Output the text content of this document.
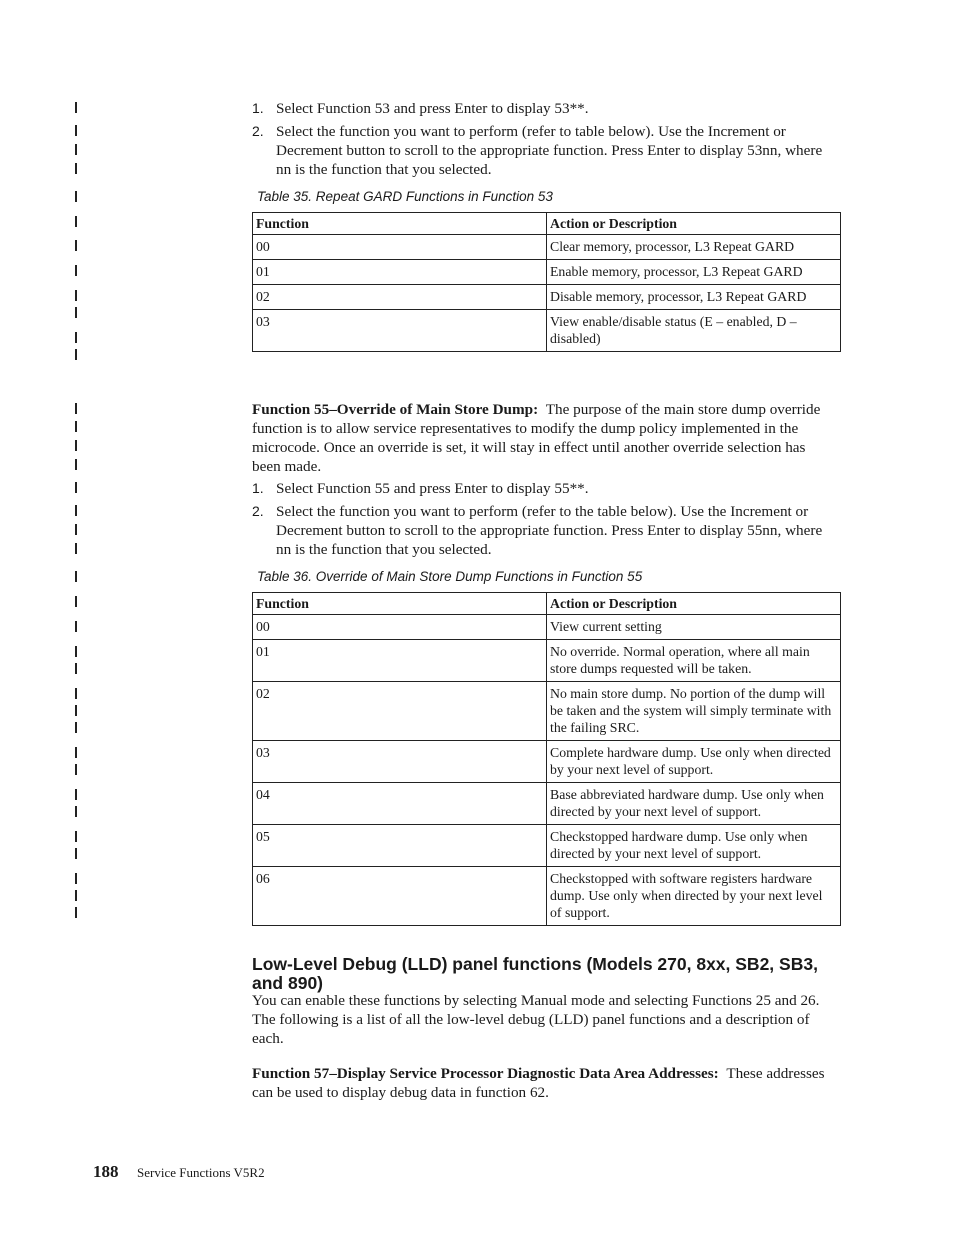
1. Select Function 53 and press Enter to display 53**.
2. Select the function you want to perform (refer to table below). Use the Increment or Decrement button to scroll to the appropriate function. Press Enter to display 53nn, where nn is the function that you selected.
Table 35. Repeat GARD Functions in Function 53
Function	Action or Description
00	Clear memory, processor, L3 Repeat GARD
01	Enable memory, processor, L3 Repeat GARD
02	Disable memory, processor, L3 Repeat GARD
03	View enable/disable status (E – enabled, D – disabled)
Function 55–Override of Main Store Dump: The purpose of the main store dump override function is to allow service representatives to modify the dump policy implemented in the microcode. Once an override is set, it will stay in effect until another override selection has been made.
1. Select Function 55 and press Enter to display 55**.
2. Select the function you want to perform (refer to the table below). Use the Increment or Decrement button to scroll to the appropriate function. Press Enter to display 55nn, where nn is the function that you selected.
Table 36. Override of Main Store Dump Functions in Function 55
Function	Action or Description
00	View current setting
01	No override. Normal operation, where all main store dumps requested will be taken.
02	No main store dump. No portion of the dump will be taken and the system will simply terminate with the failing SRC.
03	Complete hardware dump. Use only when directed by your next level of support.
04	Base abbreviated hardware dump. Use only when directed by your next level of support.
05	Checkstopped hardware dump. Use only when directed by your next level of support.
06	Checkstopped with software registers hardware dump. Use only when directed by your next level of support.
Low-Level Debug (LLD) panel functions (Models 270, 8xx, SB2, SB3, and 890)
You can enable these functions by selecting Manual mode and selecting Functions 25 and 26. The following is a list of all the low-level debug (LLD) panel functions and a description of each.
Function 57–Display Service Processor Diagnostic Data Area Addresses: These addresses can be used to display debug data in function 62.
188 Service Functions V5R2
